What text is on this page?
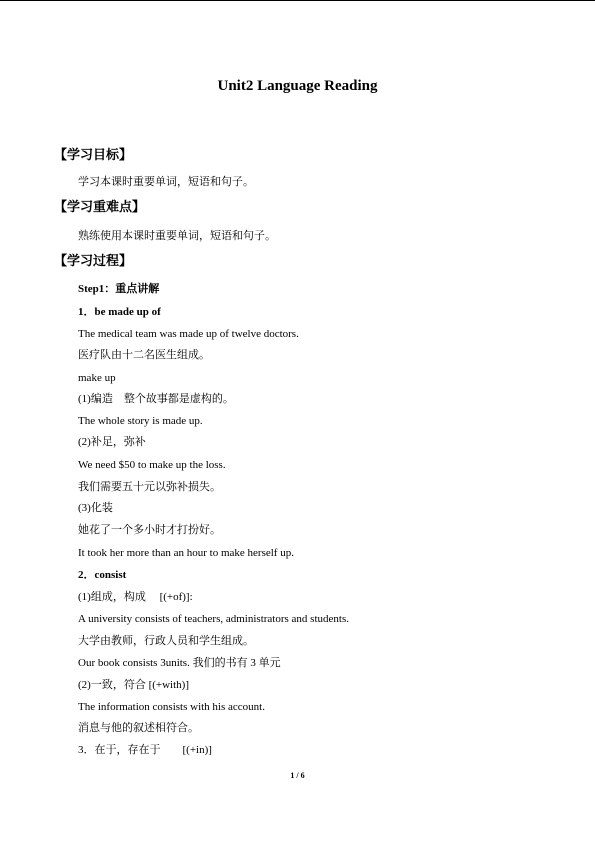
Unit2 Language Reading
【学习目标】
学习本课时重要单词，短语和句子。
【学习重难点】
熟练使用本课时重要单词，短语和句子。
【学习过程】
Step1：重点讲解
1．be made up of
The medical team was made up of twelve doctors.
医疗队由十二名医生组成。
make up
(1)编造　整个故事都是虚构的。
The whole story is made up.
(2)补足，弥补
We need $50 to make up the loss.
我们需要五十元以弥补损失。
(3)化装
她花了一个多小时才打扮好。
It took her more than an hour to make herself up.
2．consist
(1)组成，构成　 [(+of)]:
A university consists of teachers, administrators and students.
大学由教师，行政人员和学生组成。
Our book consists 3units. 我们的书有 3 单元
(2)一致，符合 [(+with)]
The information consists with his account.
消息与他的叙述相符合。
3．在于，存在于　　[(+in)]
1 / 6
